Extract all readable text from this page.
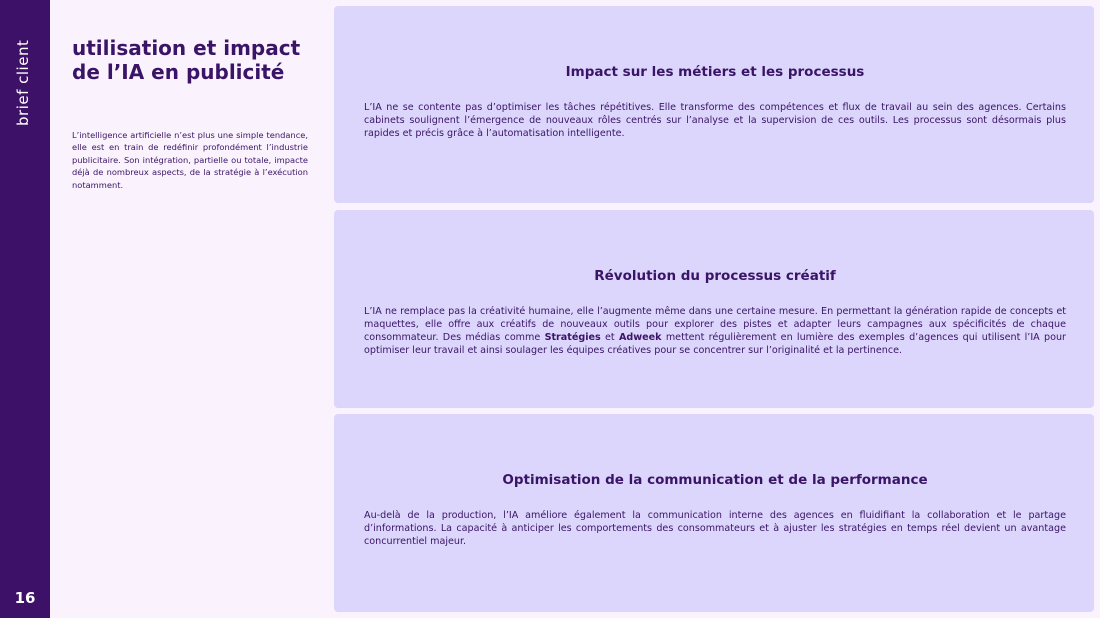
brief client
16
utilisation et impact
de l’IA en publicité

L’intelligence artificielle n’est plus une simple tendance, elle est en train de redéfinir profondément l’industrie publicitaire. Son intégration, partielle ou totale, impacte déjà de nombreux aspects, de la stratégie à l’exécution notamment.

Impact sur les métiers et les processus

L’IA ne se contente pas d’optimiser les tâches répétitives. Elle transforme des compétences et flux de travail au sein des agences. Certains cabinets soulignent l’émergence de nouveaux rôles centrés sur l’analyse et la supervision de ces outils. Les processus sont désormais plus rapides et précis grâce à l’automatisation intelligente.

Révolution du processus créatif

L’IA ne remplace pas la créativité humaine, elle l’augmente même dans une certaine mesure. En permettant la génération rapide de concepts et maquettes, elle offre aux créatifs de nouveaux outils pour explorer des pistes et adapter leurs campagnes aux spécificités de chaque consommateur. Des médias comme Stratégies et Adweek mettent régulièrement en lumière des exemples d’agences qui utilisent l’IA pour optimiser leur travail et ainsi soulager les équipes créatives pour se concentrer sur l’originalité et la pertinence.

Optimisation de la communication et de la performance

Au-delà de la production, l’IA améliore également la communication interne des agences en fluidifiant la collaboration et le partage d’informations. La capacité à anticiper les comportements des consommateurs et à ajuster les stratégies en temps réel devient un avantage concurrentiel majeur.
